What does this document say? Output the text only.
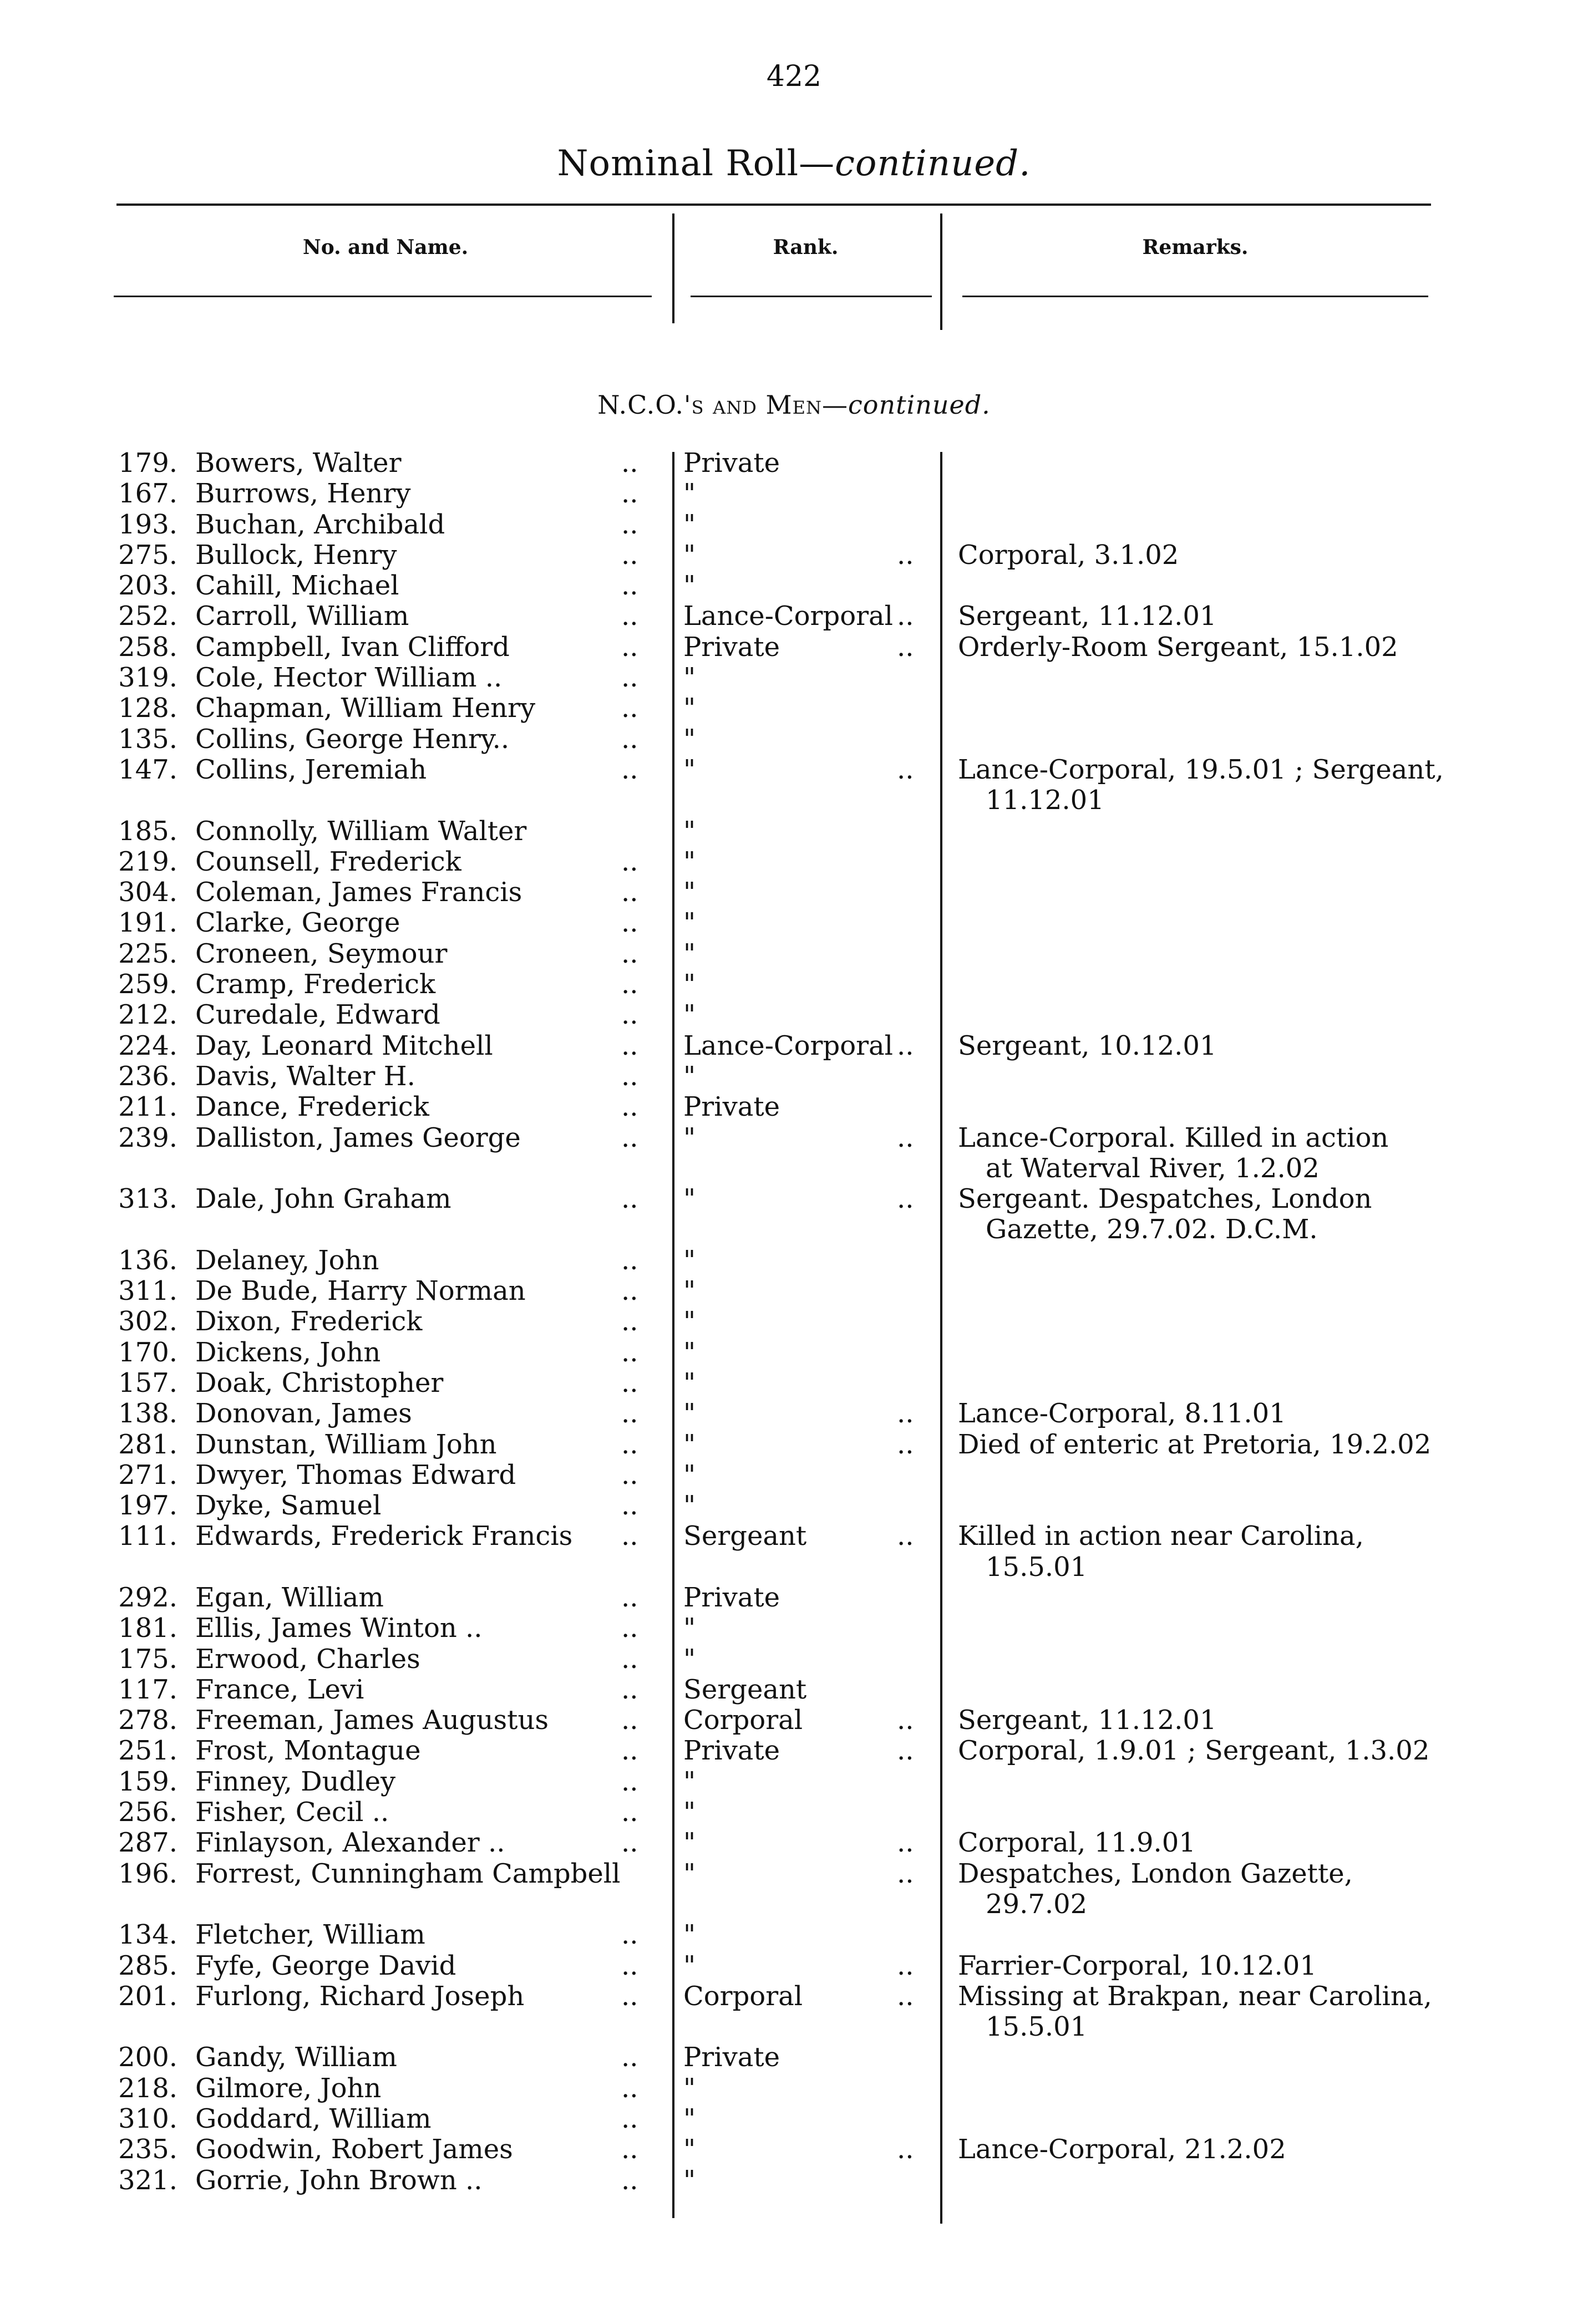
422
Nominal Roll—continued.
No. and Name.	Rank.	Remarks.
N.C.O.'s and Men—continued.
179. Bowers, Walter	.. Private
167. Burrows, Henry	.. "
193. Buchan, Archibald	.. "
275. Bullock, Henry	.. "	.. Corporal, 3.1.02
203. Cahill, Michael	.. "
252. Carroll, William	.. Lance-Corporal .. Sergeant, 11.12.01
258. Campbell, Ivan Clifford	.. Private	.. Orderly-Room Sergeant, 15.1.02
319. Cole, Hector William ..	.. "
128. Chapman, William Henry	.. "
135. Collins, George Henry..	.. "
147. Collins, Jeremiah	.. "	.. Lance-Corporal, 19.5.01 ; Sergeant,
11.12.01
185. Connolly, William Walter	"
219. Counsell, Frederick	.. "
304. Coleman, James Francis	.. "
191. Clarke, George	.. "
225. Croneen, Seymour	.. "
259. Cramp, Frederick	.. "
212. Curedale, Edward	.. "
224. Day, Leonard Mitchell	.. Lance-Corporal .. Sergeant, 10.12.01
236. Davis, Walter H.	.. "
211. Dance, Frederick	.. Private
239. Dalliston, James George	.. "	.. Lance-Corporal. Killed in action
at Waterval River, 1.2.02
313. Dale, John Graham	.. "	.. Sergeant. Despatches, London
Gazette, 29.7.02. D.C.M.
136. Delaney, John	.. "
311. De Bude, Harry Norman	.. "
302. Dixon, Frederick	.. "
170. Dickens, John	.. "
157. Doak, Christopher	.. "
138. Donovan, James	.. "	.. Lance-Corporal, 8.11.01
281. Dunstan, William John	.. "	.. Died of enteric at Pretoria, 19.2.02
271. Dwyer, Thomas Edward	.. "
197. Dyke, Samuel	.. "
111. Edwards, Frederick Francis .. Sergeant	.. Killed in action near Carolina,
15.5.01
292. Egan, William	.. Private
181. Ellis, James Winton ..	.. "
175. Erwood, Charles	.. "
117. France, Levi	.. Sergeant
278. Freeman, James Augustus	.. Corporal	.. Sergeant, 11.12.01
251. Frost, Montague	.. Private	.. Corporal, 1.9.01 ; Sergeant, 1.3.02
159. Finney, Dudley	.. "
256. Fisher, Cecil ..	.. "
287. Finlayson, Alexander ..	.. "	.. Corporal, 11.9.01
196. Forrest, Cunningham Campbell "	.. Despatches, London Gazette,
29.7.02
134. Fletcher, William	.. "
285. Fyfe, George David	.. "	.. Farrier-Corporal, 10.12.01
201. Furlong, Richard Joseph	.. Corporal	.. Missing at Brakpan, near Carolina,
15.5.01
200. Gandy, William	.. Private
218. Gilmore, John	.. "
310. Goddard, William	.. "
235. Goodwin, Robert James	.. "	.. Lance-Corporal, 21.2.02
321. Gorrie, John Brown ..	.. "
